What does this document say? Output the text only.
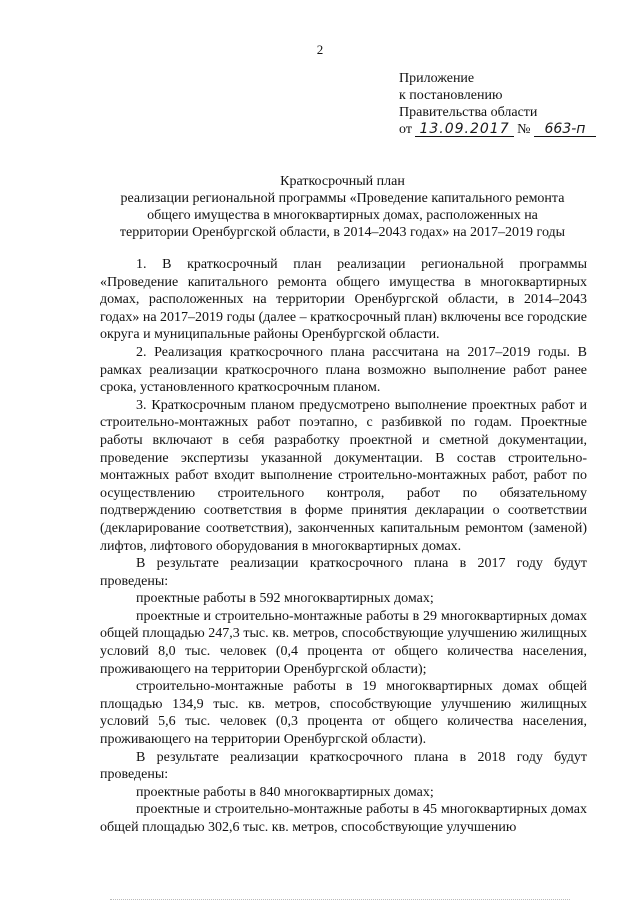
2
Приложение
к постановлению
Правительства области
от 13.09.2017 № 663-п
Краткосрочный план
реализации региональной программы «Проведение капитального ремонта
общего имущества в многоквартирных домах, расположенных на
территории Оренбургской области, в 2014–2043 годах» на 2017–2019 годы

1. В краткосрочный план реализации региональной программы «Проведение капитального ремонта общего имущества в многоквартирных домах, расположенных на территории Оренбургской области, в 2014–2043 годах» на 2017–2019 годы (далее – краткосрочный план) включены все городские округа и муниципальные районы Оренбургской области.

2. Реализация краткосрочного плана рассчитана на 2017–2019 годы. В рамках реализации краткосрочного плана возможно выполнение работ ранее срока, установленного краткосрочным планом.

3. Краткосрочным планом предусмотрено выполнение проектных работ и строительно-монтажных работ поэтапно, с разбивкой по годам. Проектные работы включают в себя разработку проектной и сметной документации, проведение экспертизы указанной документации. В состав строительно-монтажных работ входит выполнение строительно-монтажных работ, работ по осуществлению строительного контроля, работ по обязательному подтверждению соответствия в форме принятия декларации о соответствии (декларирование соответствия), законченных капитальным ремонтом (заменой) лифтов, лифтового оборудования в многоквартирных домах.

В результате реализации краткосрочного плана в 2017 году будут проведены:

проектные работы в 592 многоквартирных домах;

проектные и строительно-монтажные работы в 29 многоквартирных домах общей площадью 247,3 тыс. кв. метров, способствующие улучшению жилищных условий 8,0 тыс. человек (0,4 процента от общего количества населения, проживающего на территории Оренбургской области);

строительно-монтажные работы в 19 многоквартирных домах общей площадью 134,9 тыс. кв. метров, способствующие улучшению жилищных условий 5,6 тыс. человек (0,3 процента от общего количества населения, проживающего на территории Оренбургской области).

В результате реализации краткосрочного плана в 2018 году будут проведены:

проектные работы в 840 многоквартирных домах;

проектные и строительно-монтажные работы в 45 многоквартирных домах общей площадью 302,6 тыс. кв. метров, способствующие улучшению
